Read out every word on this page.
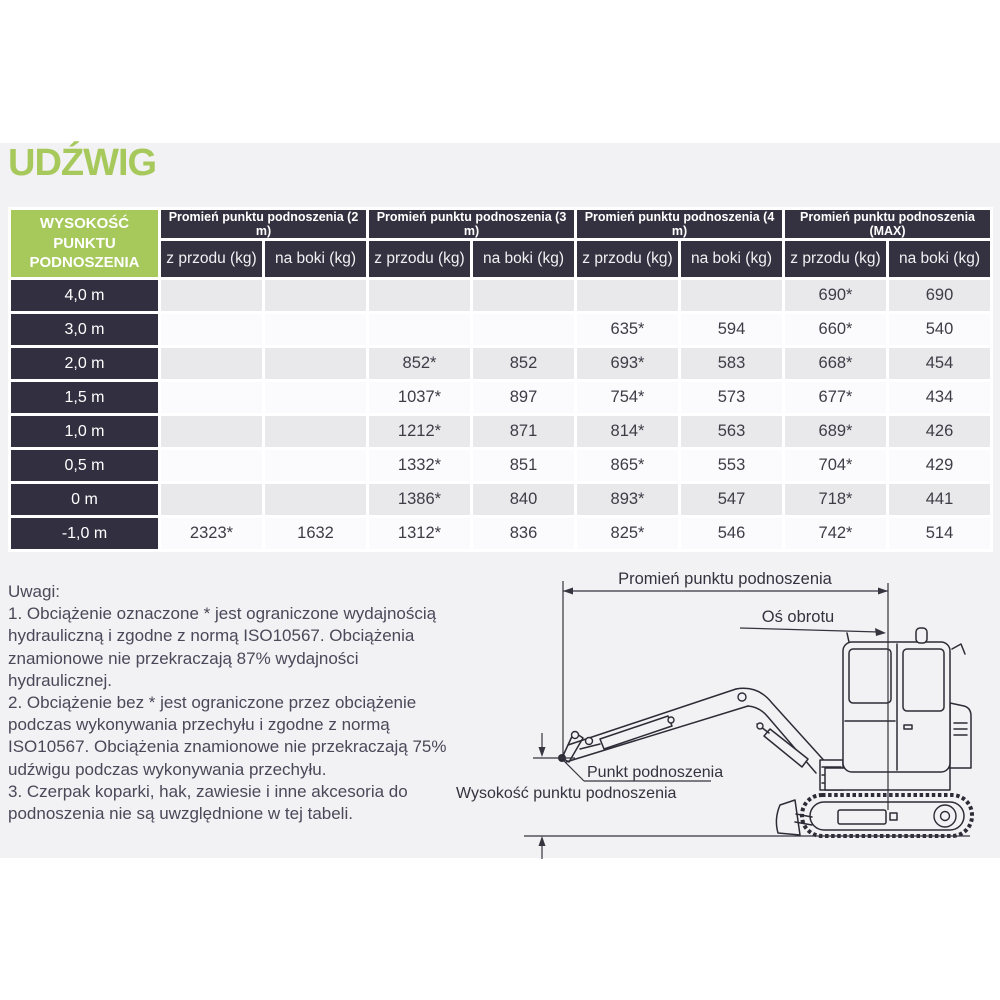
UDŹWIG
WYSOKOŚĆ PUNKTU PODNOSZENIA	Promień punktu podnoszenia (2 m)		Promień punktu podnoszenia (3 m)		Promień punktu podnoszenia (4 m)		Promień punktu podnoszenia (MAX)	
	z przodu (kg)	na boki (kg)	z przodu (kg)	na boki (kg)	z przodu (kg)	na boki (kg)	z przodu (kg)	na boki (kg)
4,0 m							690*	690
3,0 m					635*	594	660*	540
2,0 m			852*	852	693*	583	668*	454
1,5 m			1037*	897	754*	573	677*	434
1,0 m			1212*	871	814*	563	689*	426
0,5 m			1332*	851	865*	553	704*	429
0 m			1386*	840	893*	547	718*	441
-1,0 m	2323*	1632	1312*	836	825*	546	742*	514
Uwagi:
1. Obciążenie oznaczone * jest ograniczone wydajnością hydrauliczną i zgodne z normą ISO10567. Obciążenia znamionowe nie przekraczają 87% wydajności hydraulicznej.
2. Obciążenie bez * jest ograniczone przez obciążenie podczas wykonywania przechyłu i zgodne z normą ISO10567. Obciążenia znamionowe nie przekraczają 75% udźwigu podczas wykonywania przechyłu.
3. Czerpak koparki, hak, zawiesie i inne akcesoria do podnoszenia nie są uwzględnione w tej tabeli.
Promień punktu podnoszenia
Oś obrotu
Punkt podnoszenia
Wysokość punktu podnoszenia
